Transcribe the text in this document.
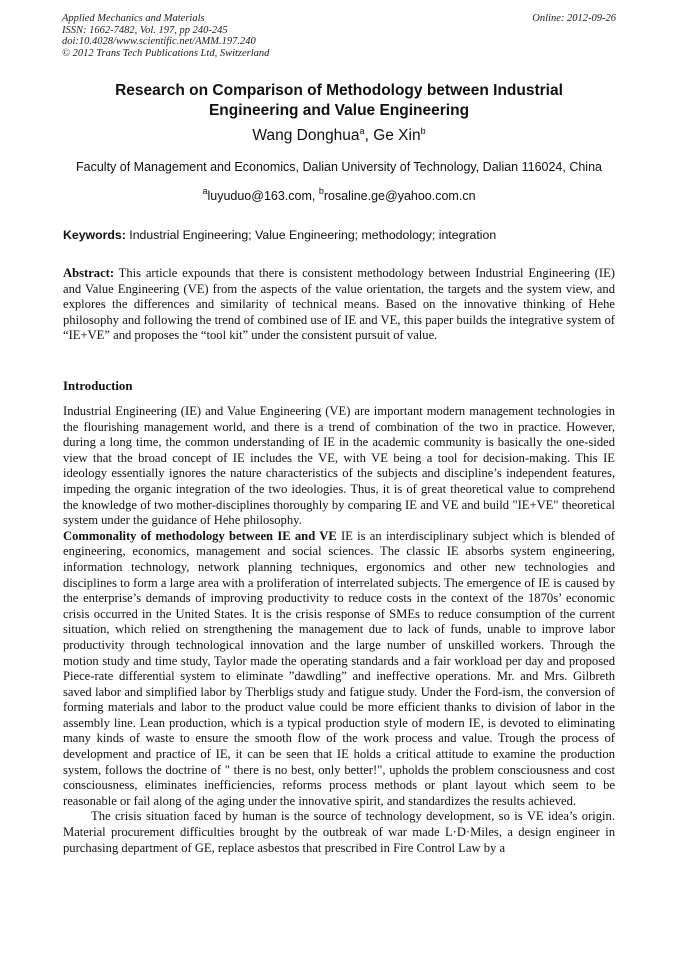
Applied Mechanics and Materials
ISSN: 1662-7482, Vol. 197, pp 240-245
doi:10.4028/www.scientific.net/AMM.197.240
© 2012 Trans Tech Publications Ltd, Switzerland
Online: 2012-09-26
Research on Comparison of Methodology between Industrial Engineering and Value Engineering
Wang Donghua$^a$, Ge Xin$^b$
Faculty of Management and Economics, Dalian University of Technology, Dalian 116024, China
$^a$luyuduo@163.com, $^b$rosaline.ge@yahoo.com.cn
Keywords: Industrial Engineering; Value Engineering; methodology; integration
Abstract: This article expounds that there is consistent methodology between Industrial Engineering (IE) and Value Engineering (VE) from the aspects of the value orientation, the targets and the system view, and explores the differences and similarity of technical means. Based on the innovative thinking of Hehe philosophy and following the trend of combined use of IE and VE, this paper builds the integrative system of “IE+VE” and proposes the “tool kit” under the consistent pursuit of value.
Introduction

Industrial Engineering (IE) and Value Engineering (VE) are important modern management technologies in the flourishing management world, and there is a trend of combination of the two in practice. However, during a long time, the common understanding of IE in the academic community is basically the one-sided view that the broad concept of IE includes the VE, with VE being a tool for decision-making. This IE ideology essentially ignores the nature characteristics of the subjects and discipline’s independent features, impeding the organic integration of the two ideologies. Thus, it is of great theoretical value to comprehend the knowledge of two mother-disciplines thoroughly by comparing IE and VE and build "IE+VE" theoretical system under the guidance of Hehe philosophy.

Commonality of methodology between IE and VE IE is an interdisciplinary subject which is blended of engineering, economics, management and social sciences. The classic IE absorbs system engineering, information technology, network planning techniques, ergonomics and other new technologies and disciplines to form a large area with a proliferation of interrelated subjects. The emergence of IE is caused by the enterprise’s demands of improving productivity to reduce costs in the context of the 1870s’ economic crisis occurred in the United States. It is the crisis response of SMEs to reduce consumption of the current situation, which relied on strengthening the management due to lack of funds, unable to improve labor productivity through technological innovation and the large number of unskilled workers. Through the motion study and time study, Taylor made the operating standards and a fair workload per day and proposed Piece-rate differential system to eliminate ”dawdling” and ineffective operations. Mr. and Mrs. Gilbreth saved labor and simplified labor by Therbligs study and fatigue study. Under the Ford-ism, the conversion of forming materials and labor to the product value could be more efficient thanks to division of labor in the assembly line. Lean production, which is a typical production style of modern IE, is devoted to eliminating many kinds of waste to ensure the smooth flow of the work process and value. Trough the process of development and practice of IE, it can be seen that IE holds a critical attitude to examine the production system, follows the doctrine of " there is no best, only better!", upholds the problem consciousness and cost consciousness, eliminates inefficiencies, reforms process methods or plant layout which seem to be reasonable or fail along of the aging under the innovative spirit, and standardizes the results achieved.

The crisis situation faced by human is the source of technology development, so is VE idea’s origin. Material procurement difficulties brought by the outbreak of war made L·D·Miles, a design engineer in purchasing department of GE, replace asbestos that prescribed in Fire Control Law by a
